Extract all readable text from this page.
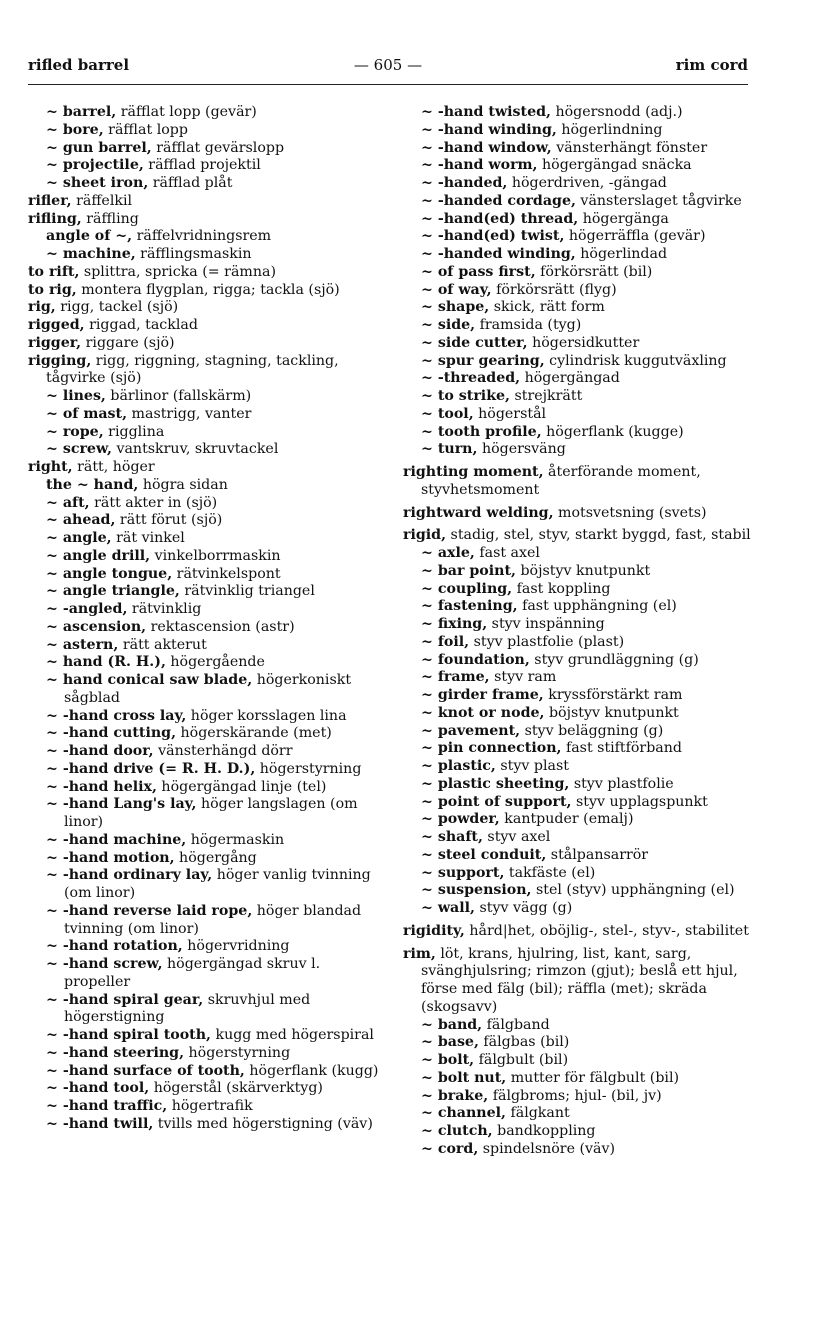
rifled barrel	— 605 —	rim cord

~ barrel, räfflat lopp (gevär)

~ bore, räfflat lopp

~ gun barrel, räfflat gevärslopp

~ projectile, räfflad projektil

~ sheet iron, räfflad plåt

rifler, räffelkil

rifling, räffling

angle of ~, räffelvridningsrem

~ machine, räfflingsmaskin

to rift, splittra, spricka (= rämna)

to rig, montera flygplan, rigga; tackla (sjö)

rig, rigg, tackel (sjö)

rigged, riggad, tacklad

rigger, riggare (sjö)

rigging, rigg, riggning, stagning, tackling, tågvirke (sjö)

~ lines, bärlinor (fallskärm)

~ of mast, mastrigg, vanter

~ rope, rigglina

~ screw, vantskruv, skruvtackel

right, rätt, höger

the ~ hand, högra sidan

~ aft, rätt akter in (sjö)

~ ahead, rätt förut (sjö)

~ angle, rät vinkel

~ angle drill, vinkelborrmaskin

~ angle tongue, rätvinkelspont

~ angle triangle, rätvinklig triangel

~ -angled, rätvinklig

~ ascension, rektascension (astr)

~ astern, rätt akterut

~ hand (R. H.), högergående

~ hand conical saw blade, högerkoniskt sågblad

~ -hand cross lay, höger korsslagen lina

~ -hand cutting, högerskärande (met)

~ -hand door, vänsterhängd dörr

~ -hand drive (= R. H. D.), högerstyrning

~ -hand helix, högergängad linje (tel)

~ -hand Lang's lay, höger langslagen (om linor)

~ -hand machine, högermaskin

~ -hand motion, högergång

~ -hand ordinary lay, höger vanlig tvinning (om linor)

~ -hand reverse laid rope, höger blandad tvinning (om linor)

~ -hand rotation, högervridning

~ -hand screw, högergängad skruv l. propeller

~ -hand spiral gear, skruvhjul med högerstigning

~ -hand spiral tooth, kugg med högerspiral

~ -hand steering, högerstyrning

~ -hand surface of tooth, högerflank (kugg)

~ -hand tool, högerstål (skärverktyg)

~ -hand traffic, högertrafik

~ -hand twill, tvills med högerstigning (väv)

~ -hand twisted, högersnodd (adj.)

~ -hand winding, högerlindning

~ -hand window, vänsterhängt fönster

~ -hand worm, högergängad snäcka

~ -handed, högerdriven, -gängad

~ -handed cordage, vänsterslaget tågvirke

~ -hand(ed) thread, högergänga

~ -hand(ed) twist, högerräffla (gevär)

~ -handed winding, högerlindad

~ of pass first, förkörsrätt (bil)

~ of way, förkörsrätt (flyg)

~ shape, skick, rätt form

~ side, framsida (tyg)

~ side cutter, högersidkutter

~ spur gearing, cylindrisk kuggutväxling

~ -threaded, högergängad

~ to strike, strejkrätt

~ tool, högerstål

~ tooth profile, högerflank (kugge)

~ turn, högersväng

righting moment, återförande moment, styvhetsmoment

rightward welding, motsvetsning (svets)

rigid, stadig, stel, styv, starkt byggd, fast, stabil

~ axle, fast axel

~ bar point, böjstyv knutpunkt

~ coupling, fast koppling

~ fastening, fast upphängning (el)

~ fixing, styv inspänning

~ foil, styv plastfolie (plast)

~ foundation, styv grundläggning (g)

~ frame, styv ram

~ girder frame, kryssförstärkt ram

~ knot or node, böjstyv knutpunkt

~ pavement, styv beläggning (g)

~ pin connection, fast stiftförband

~ plastic, styv plast

~ plastic sheeting, styv plastfolie

~ point of support, styv upplagspunkt

~ powder, kantpuder (emalj)

~ shaft, styv axel

~ steel conduit, stålpansarrör

~ support, takfäste (el)

~ suspension, stel (styv) upphängning (el)

~ wall, styv vägg (g)

rigidity, hård|het, oböjlig-, stel-, styv-, stabilitet

rim, löt, krans, hjulring, list, kant, sarg, svänghjulsring; rimzon (gjut); beslå ett hjul, förse med fälg (bil); räffla (met); skräda (skogsavv)

~ band, fälgband

~ base, fälgbas (bil)

~ bolt, fälgbult (bil)

~ bolt nut, mutter för fälgbult (bil)

~ brake, fälgbroms; hjul- (bil, jv)

~ channel, fälgkant

~ clutch, bandkoppling

~ cord, spindelsnöre (väv)
